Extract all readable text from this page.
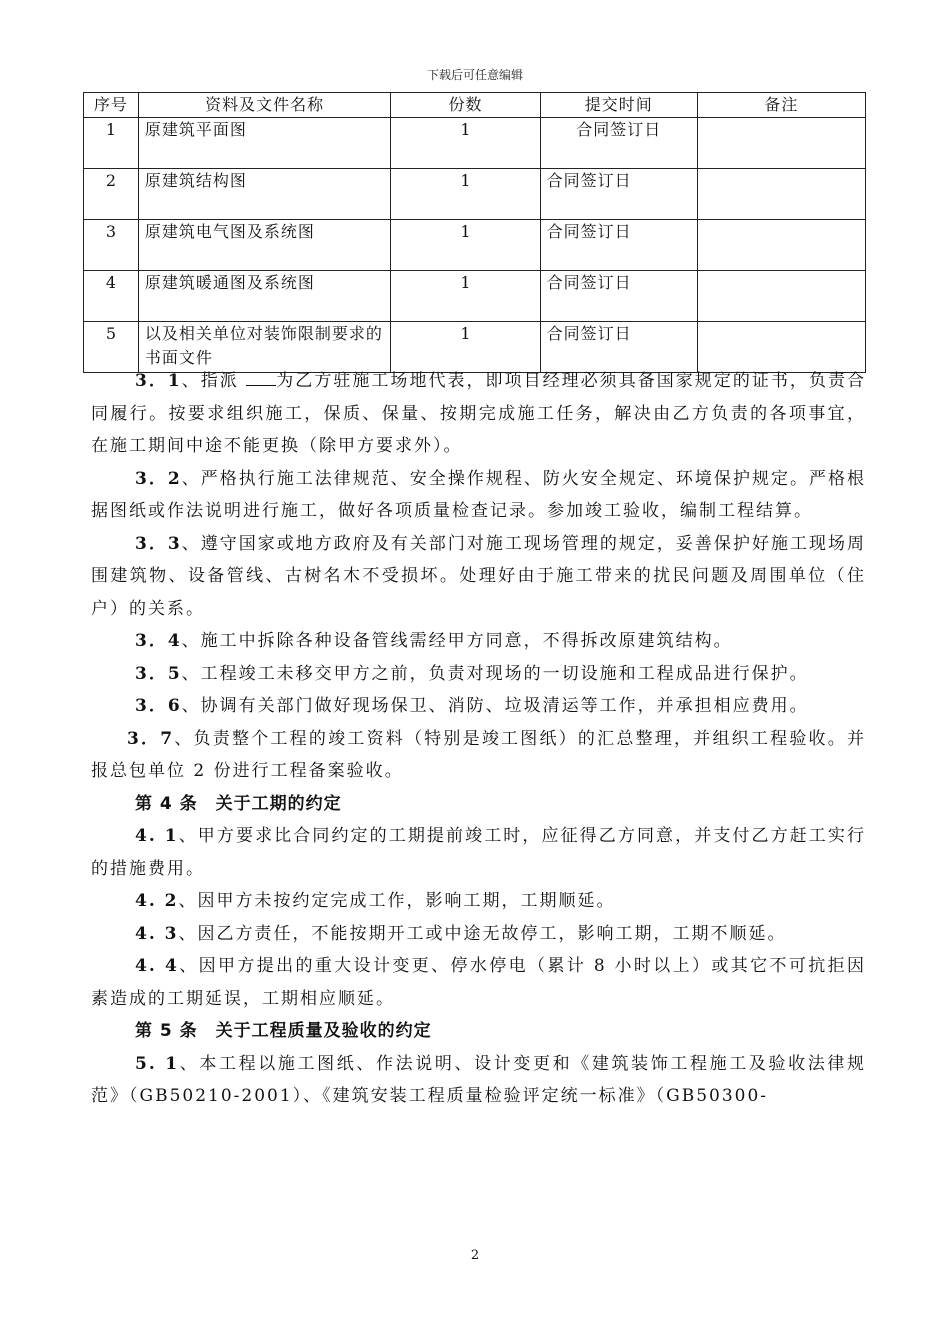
下载后可任意编辑
序号	资料及文件名称	份数	提交时间	备注
1	原建筑平面图	1	合同签订日	
2	原建筑结构图	1	合同签订日	
3	原建筑电气图及系统图	1	合同签订日	
4	原建筑暖通图及系统图	1	合同签订日	
5	以及相关单位对装饰限制要求的书面文件	1	合同签订日	

3．1、指派 为乙方驻施工场地代表，即项目经理必须具备国家规定的证书，负责合同履行。按要求组织施工，保质、保量、按期完成施工任务，解决由乙方负责的各项事宜，在施工期间中途不能更换（除甲方要求外）。

3．2、严格执行施工法律规范、安全操作规程、防火安全规定、环境保护规定。严格根据图纸或作法说明进行施工，做好各项质量检查记录。参加竣工验收，编制工程结算。

3．3、遵守国家或地方政府及有关部门对施工现场管理的规定，妥善保护好施工现场周围建筑物、设备管线、古树名木不受损坏。处理好由于施工带来的扰民问题及周围单位（住户）的关系。

3．4、施工中拆除各种设备管线需经甲方同意，不得拆改原建筑结构。

3．5、工程竣工未移交甲方之前，负责对现场的一切设施和工程成品进行保护。

3．6、协调有关部门做好现场保卫、消防、垃圾清运等工作，并承担相应费用。

3．7、负责整个工程的竣工资料（特别是竣工图纸）的汇总整理，并组织工程验收。并报总包单位 2 份进行工程备案验收。

第 4 条　关于工期的约定

4. 1、甲方要求比合同约定的工期提前竣工时，应征得乙方同意，并支付乙方赶工实行的措施费用。

4. 2、因甲方未按约定完成工作，影响工期，工期顺延。

4. 3、因乙方责任，不能按期开工或中途无故停工，影响工期，工期不顺延。

4. 4、因甲方提出的重大设计变更、停水停电（累计 8 小时以上）或其它不可抗拒因素造成的工期延误，工期相应顺延。

第 5 条　关于工程质量及验收的约定

5. 1、本工程以施工图纸、作法说明、设计变更和《建筑装饰工程施工及验收法律规范》（GB50210-2001）、《建筑安装工程质量检验评定统一标准》（GB50300-

2
